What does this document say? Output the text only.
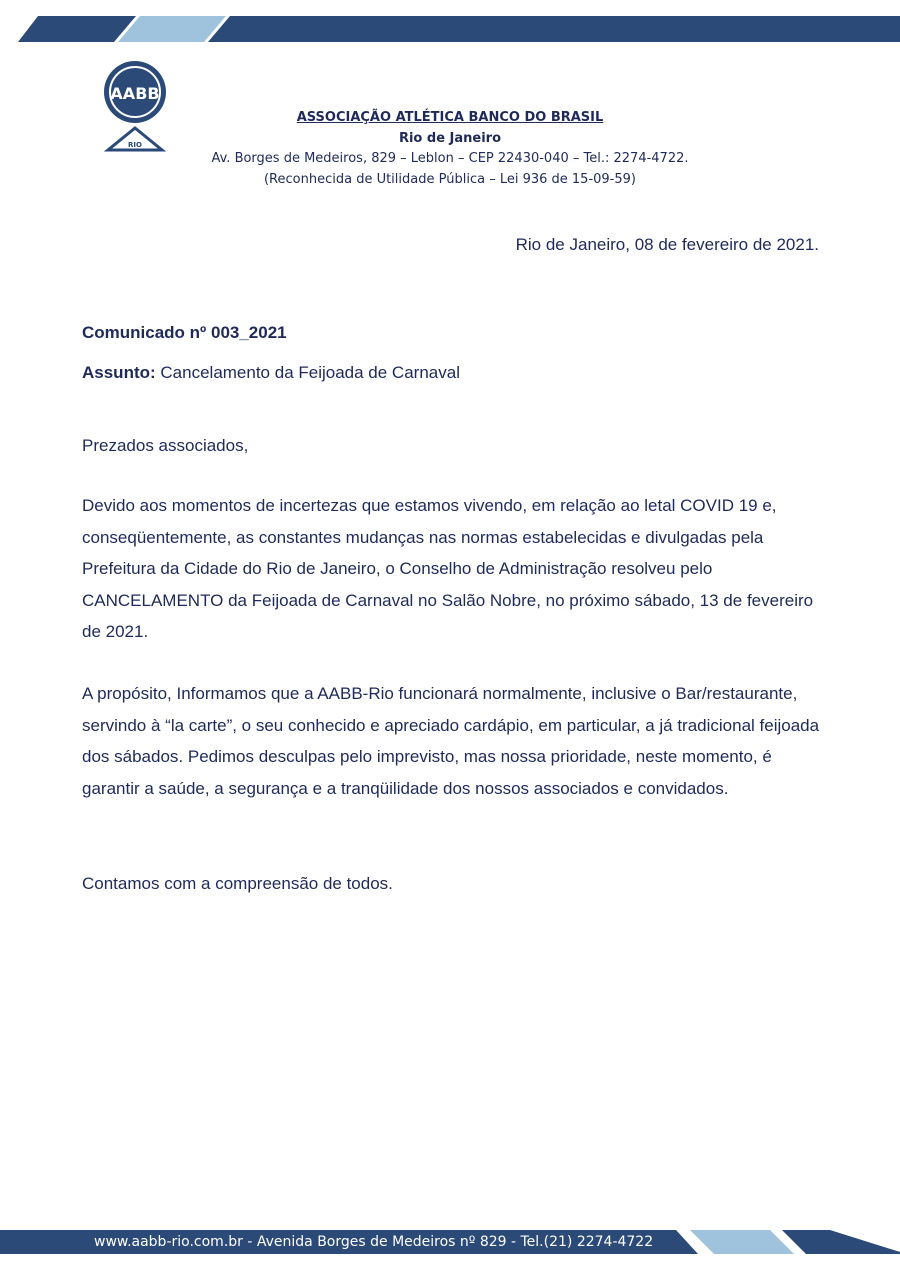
AABB
RIO
ASSOCIAÇÃO ATLÉTICA BANCO DO BRASIL
Rio de Janeiro
Av. Borges de Medeiros, 829 – Leblon – CEP 22430-040 – Tel.: 2274-4722.
(Reconhecida de Utilidade Pública – Lei 936 de 15-09-59)
Rio de Janeiro, 08 de fevereiro de 2021.
Comunicado nº 003_2021
Assunto: Cancelamento da Feijoada de Carnaval
Prezados associados,
Devido aos momentos de incertezas que estamos vivendo, em relação ao letal COVID 19 e, conseqüentemente, as constantes mudanças nas normas estabelecidas e divulgadas pela Prefeitura da Cidade do Rio de Janeiro, o Conselho de Administração resolveu pelo CANCELAMENTO da Feijoada de Carnaval no Salão Nobre, no próximo sábado, 13 de fevereiro de 2021.
A propósito, Informamos que a AABB-Rio funcionará normalmente, inclusive o Bar/restaurante, servindo à “la carte”, o seu conhecido e apreciado cardápio, em particular, a já tradicional feijoada dos sábados. Pedimos desculpas pelo imprevisto, mas nossa prioridade, neste momento, é garantir a saúde, a segurança e a tranqüilidade dos nossos associados e convidados.
Contamos com a compreensão de todos.
www.aabb-rio.com.br - Avenida Borges de Medeiros nº 829 - Tel.(21) 2274-4722
